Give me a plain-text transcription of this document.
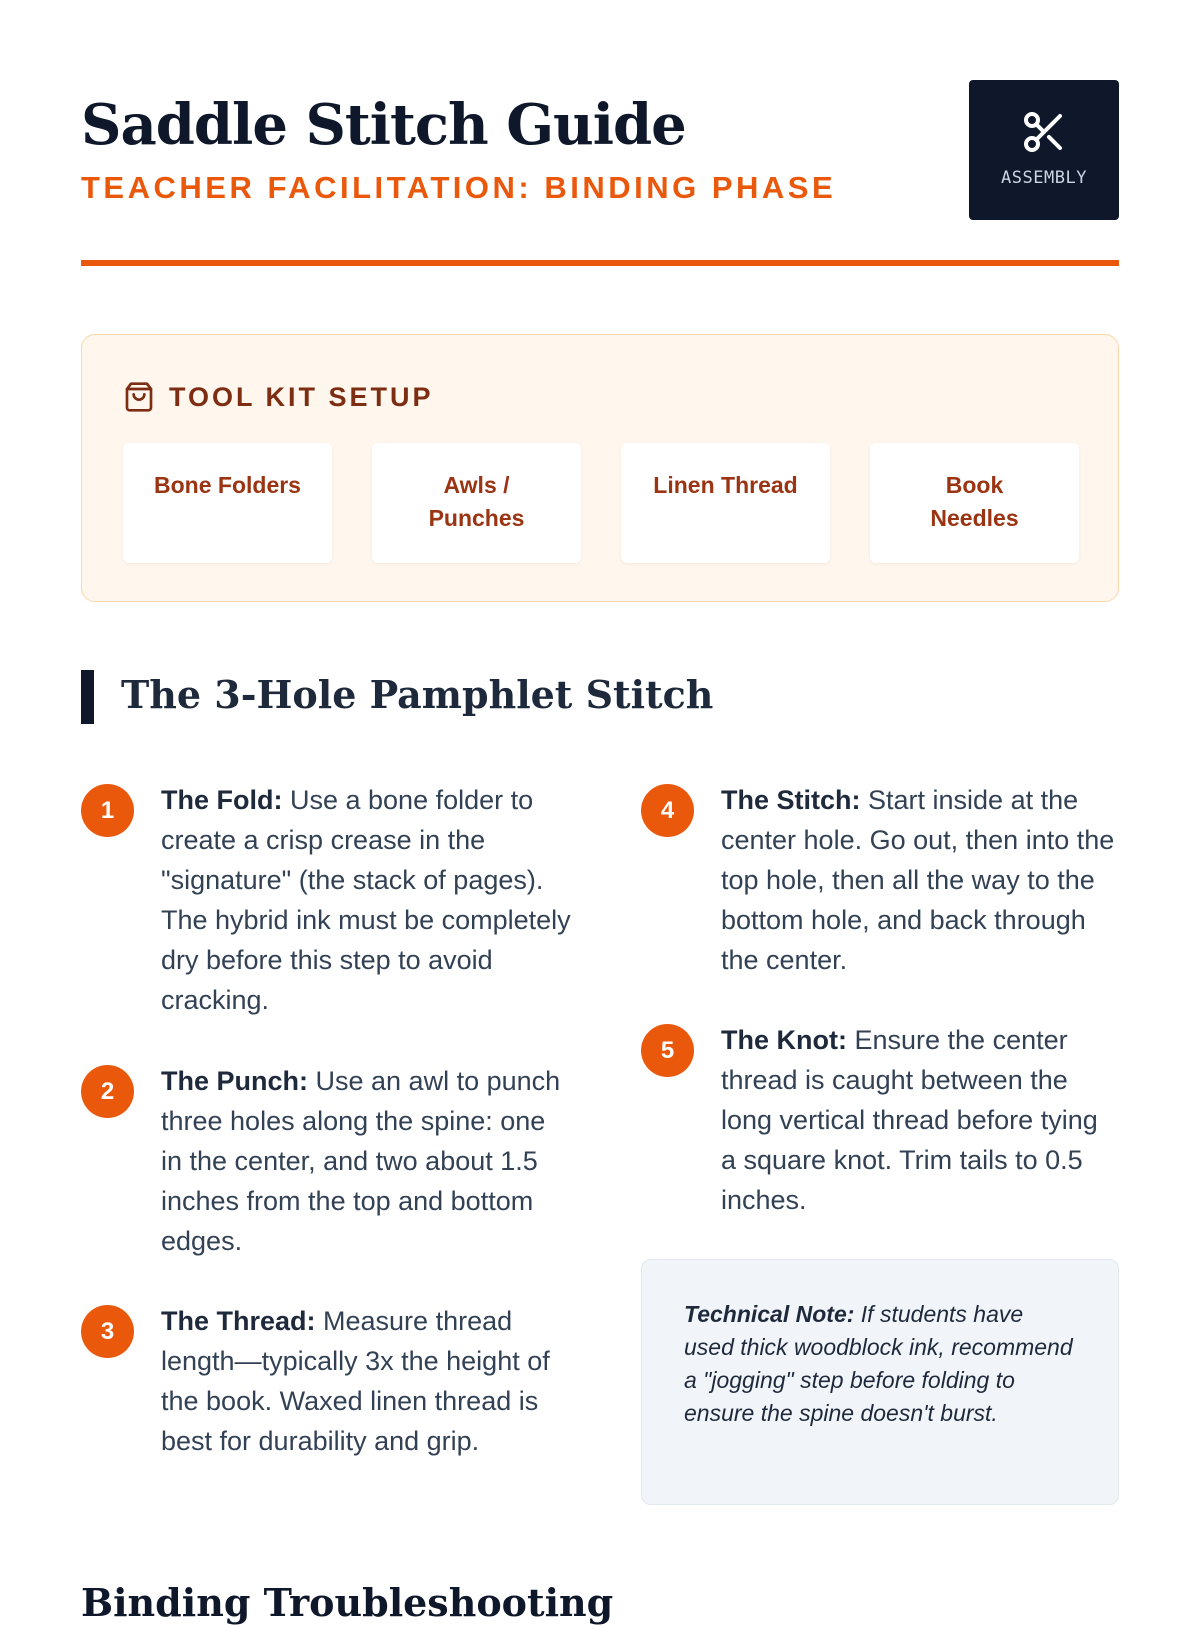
Saddle Stitch Guide
TEACHER FACILITATION: BINDING PHASE	ASSEMBLY
TOOL KIT SETUP
Bone Folders	Awls / Punches
Linen Thread	Book Needles
The 3-Hole Pamphlet Stitch
1	The Fold: Use a bone folder to create a crisp crease in the "signature" (the stack of pages). The hybrid ink must be completely dry before this step to avoid cracking.
2	The Punch: Use an awl to punch three holes along the spine: one in the center, and two about 1.5 inches from the top and bottom edges.
3	The Thread: Measure thread length—typically 3x the height of the book. Waxed linen thread is best for durability and grip.
4	The Stitch: Start inside at the center hole. Go out, then into the top hole, then all the way to the bottom hole, and back through the center.
5	The Knot: Ensure the center thread is caught between the long vertical thread before tying a square knot. Trim tails to 0.5 inches.
Technical Note: If students have used thick woodblock ink, recommend a "jogging" step before folding to ensure the spine doesn't burst.
Binding Troubleshooting
